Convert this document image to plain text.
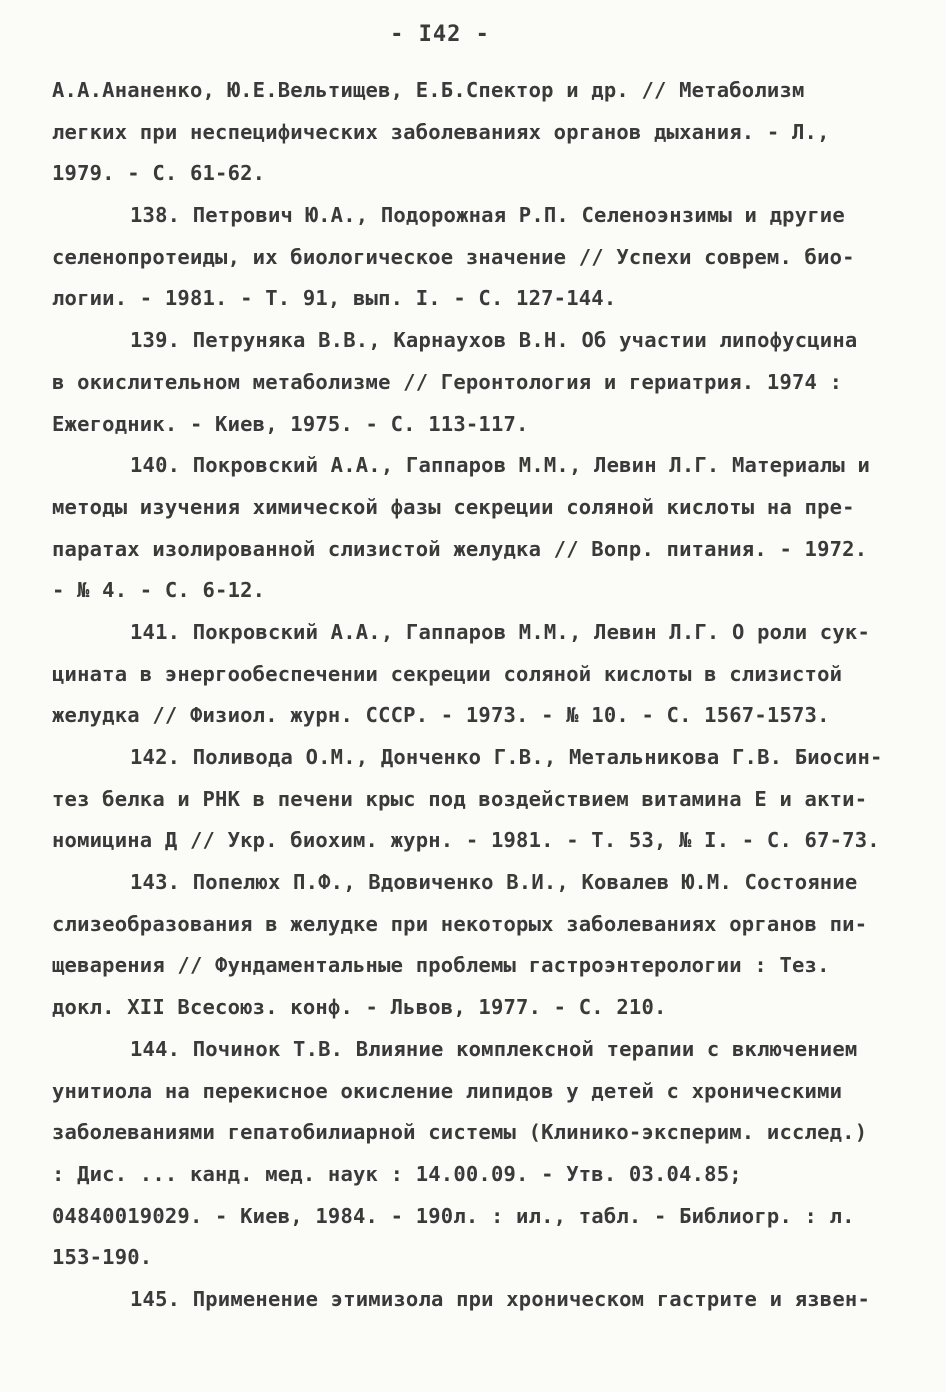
- I42 -
А.А.Ананенко, Ю.Е.Вельтищев, Е.Б.Спектор и др. // Метаболизм
легких при неспецифических заболеваниях органов дыхания. - Л.,
1979. - С. 61-62.
138. Петрович Ю.А., Подорожная Р.П. Селеноэнзимы и другие
селенопротеиды, их биологическое значение // Успехи соврем. био-
логии. - 1981. - Т. 91, вып. I. - С. 127-144.
139. Петруняка В.В., Карнаухов В.Н. Об участии липофусцина
в окислительном метаболизме // Геронтология и гериатрия. 1974 :
Ежегодник. - Киев, 1975. - С. 113-117.
140. Покровский А.А., Гаппаров М.М., Левин Л.Г. Материалы и
методы изучения химической фазы секреции соляной кислоты на пре-
паратах изолированной слизистой желудка // Вопр. питания. - 1972.
- № 4. - С. 6-12.
141. Покровский А.А., Гаппаров М.М., Левин Л.Г. О роли сук-
цината в энергообеспечении секреции соляной кислоты в слизистой
желудка // Физиол. журн. СССР. - 1973. - № 10. - С. 1567-1573.
142. Поливода О.М., Донченко Г.В., Метальникова Г.В. Биосин-
тез белка и РНК в печени крыс под воздействием витамина Е и акти-
номицина Д // Укр. биохим. журн. - 1981. - Т. 53, № I. - С. 67-73.
143. Попелюх П.Ф., Вдовиченко В.И., Ковалев Ю.М. Состояние
слизеобразования в желудке при некоторых заболеваниях органов пи-
щеварения // Фундаментальные проблемы гастроэнтерологии : Тез.
докл. XII Всесоюз. конф. - Львов, 1977. - С. 210.
144. Починок Т.В. Влияние комплексной терапии с включением
унитиола на перекисное окисление липидов у детей с хроническими
заболеваниями гепатобилиарной системы (Клинико-эксперим. исслед.)
: Дис. ... канд. мед. наук : 14.00.09. - Утв. 03.04.85;
04840019029. - Киев, 1984. - 190л. : ил., табл. - Библиогр. : л.
153-190.
145. Применение этимизола при хроническом гастрите и язвен-
